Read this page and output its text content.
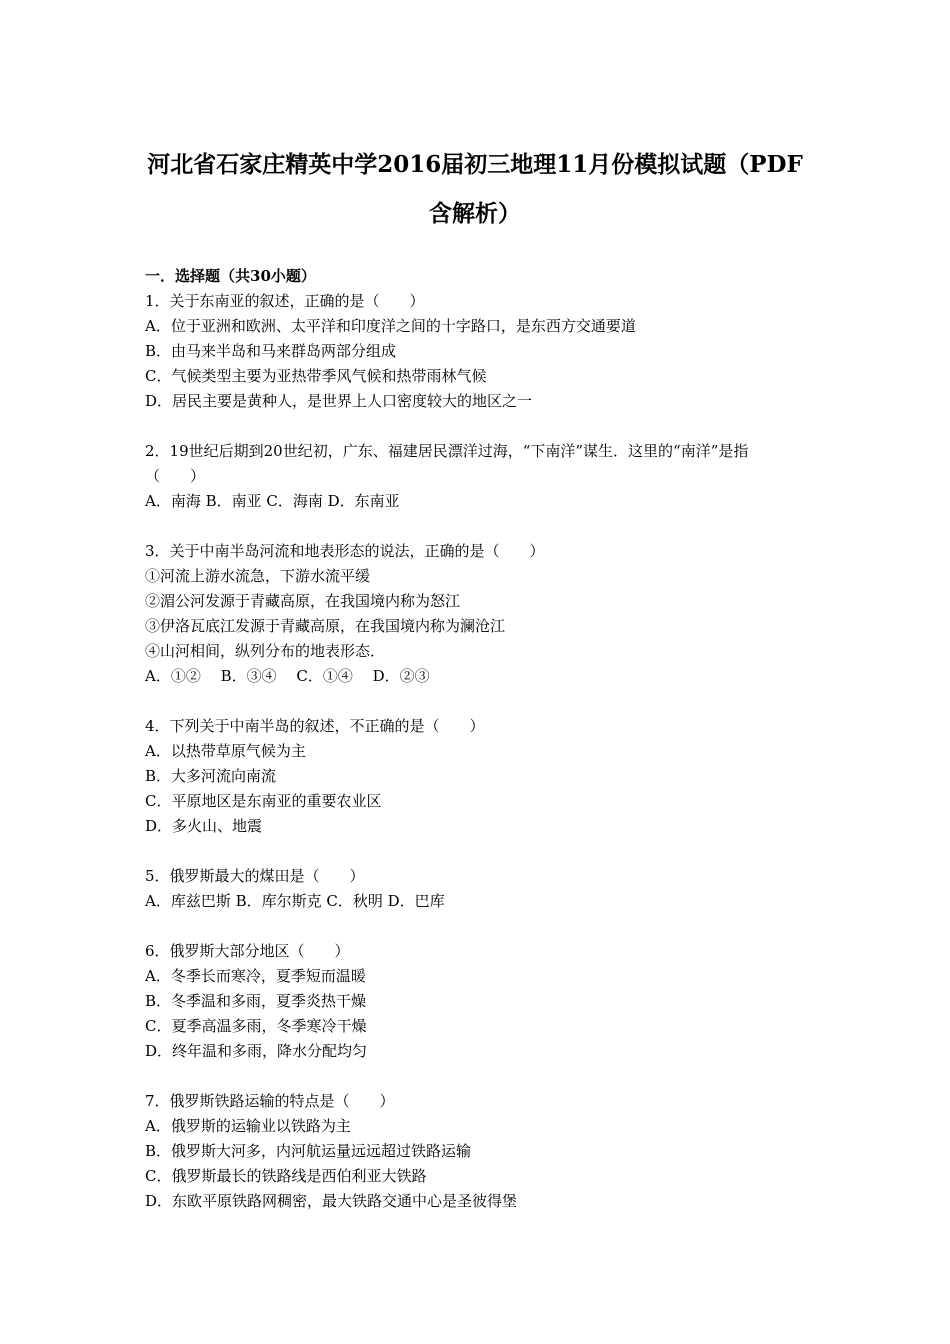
河北省石家庄精英中学2016届初三地理11月份模拟试题（PDF
含解析）
一．选择题（共30小题）
1．关于东南亚的叙述，正确的是（　　）
A．位于亚洲和欧洲、太平洋和印度洋之间的十字路口，是东西方交通要道
B．由马来半岛和马来群岛两部分组成
C．气候类型主要为亚热带季风气候和热带雨林气候
D．居民主要是黄种人，是世界上人口密度较大的地区之一
2．19世纪后期到20世纪初，广东、福建居民漂洋过海，“下南洋”谋生．这里的“南洋”是指
（　　）
A．南海 B．南亚 C．海南 D．东南亚
3．关于中南半岛河流和地表形态的说法，正确的是（　　）
①河流上游水流急，下游水流平缓
②湄公河发源于青藏高原，在我国境内称为怒江
③伊洛瓦底江发源于青藏高原，在我国境内称为澜沧江
④山河相间，纵列分布的地表形态．
A．①②　 B．③④　 C．①④　 D．②③
4．下列关于中南半岛的叙述，不正确的是（　　）
A．以热带草原气候为主
B．大多河流向南流
C．平原地区是东南亚的重要农业区
D．多火山、地震
5．俄罗斯最大的煤田是（　　）
A．库兹巴斯 B．库尔斯克 C．秋明 D．巴库
6．俄罗斯大部分地区（　　）
A．冬季长而寒冷，夏季短而温暖
B．冬季温和多雨，夏季炎热干燥
C．夏季高温多雨，冬季寒冷干燥
D．终年温和多雨，降水分配均匀
7．俄罗斯铁路运输的特点是（　　）
A．俄罗斯的运输业以铁路为主
B．俄罗斯大河多，内河航运量远远超过铁路运输
C．俄罗斯最长的铁路线是西伯利亚大铁路
D．东欧平原铁路网稠密，最大铁路交通中心是圣彼得堡
